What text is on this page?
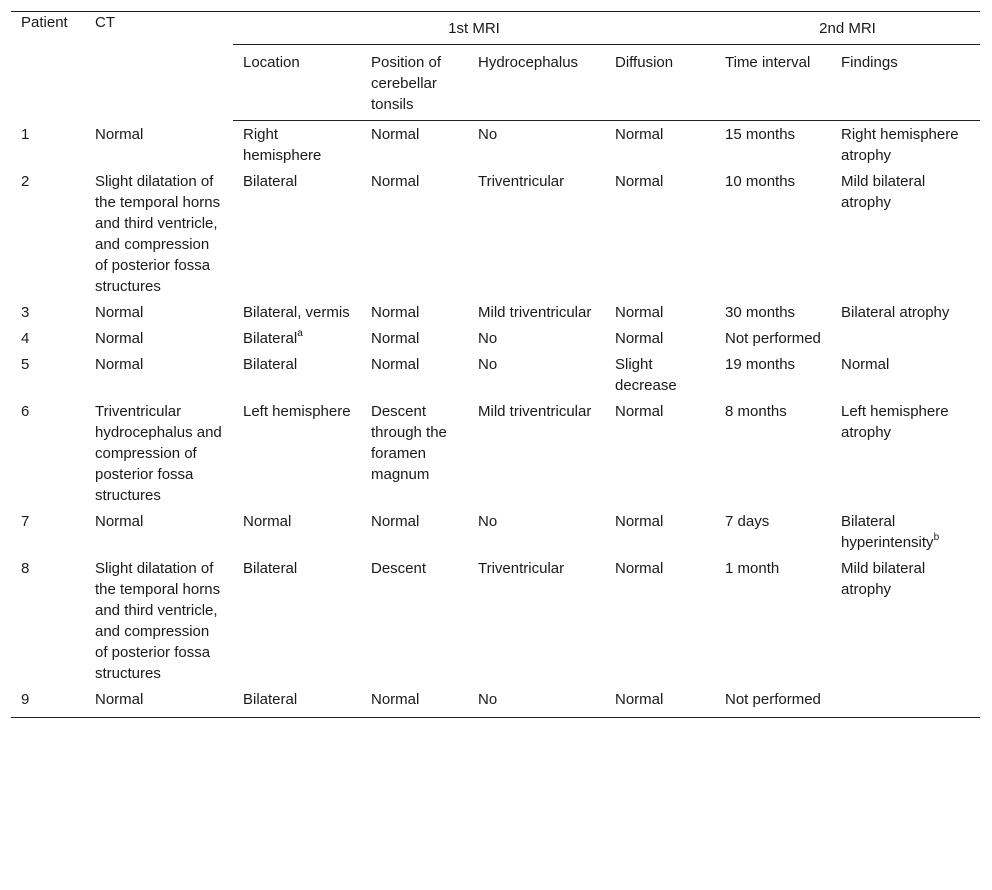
Patient	CT	1st MRI				2nd MRI	
		Location	Position of cerebellar tonsils	Hydrocephalus	Diffusion	Time interval	Findings
1	Normal	Right hemisphere	Normal	No	Normal	15 months	Right hemisphere atrophy
2	Slight dilatation of the temporal horns and third ventricle, and compression of posterior fossa structures	Bilateral	Normal	Triventricular	Normal	10 months	Mild bilateral atrophy
3	Normal	Bilateral, vermis	Normal	Mild triventricular	Normal	30 months	Bilateral atrophy
4	Normal	Bilateral$^a$	Normal	No	Normal	Not performed	
5	Normal	Bilateral	Normal	No	Slight decrease	19 months	Normal
6	Triventricular hydrocephalus and compression of posterior fossa structures	Left hemisphere	Descent through the foramen magnum	Mild triventricular	Normal	8 months	Left hemisphere atrophy
7	Normal	Normal	Normal	No	Normal	7 days	Bilateral hyperintensity$^b$
8	Slight dilatation of the temporal horns and third ventricle, and compression of posterior fossa structures	Bilateral	Descent	Triventricular	Normal	1 month	Mild bilateral atrophy
9	Normal	Bilateral	Normal	No	Normal	Not performed	
